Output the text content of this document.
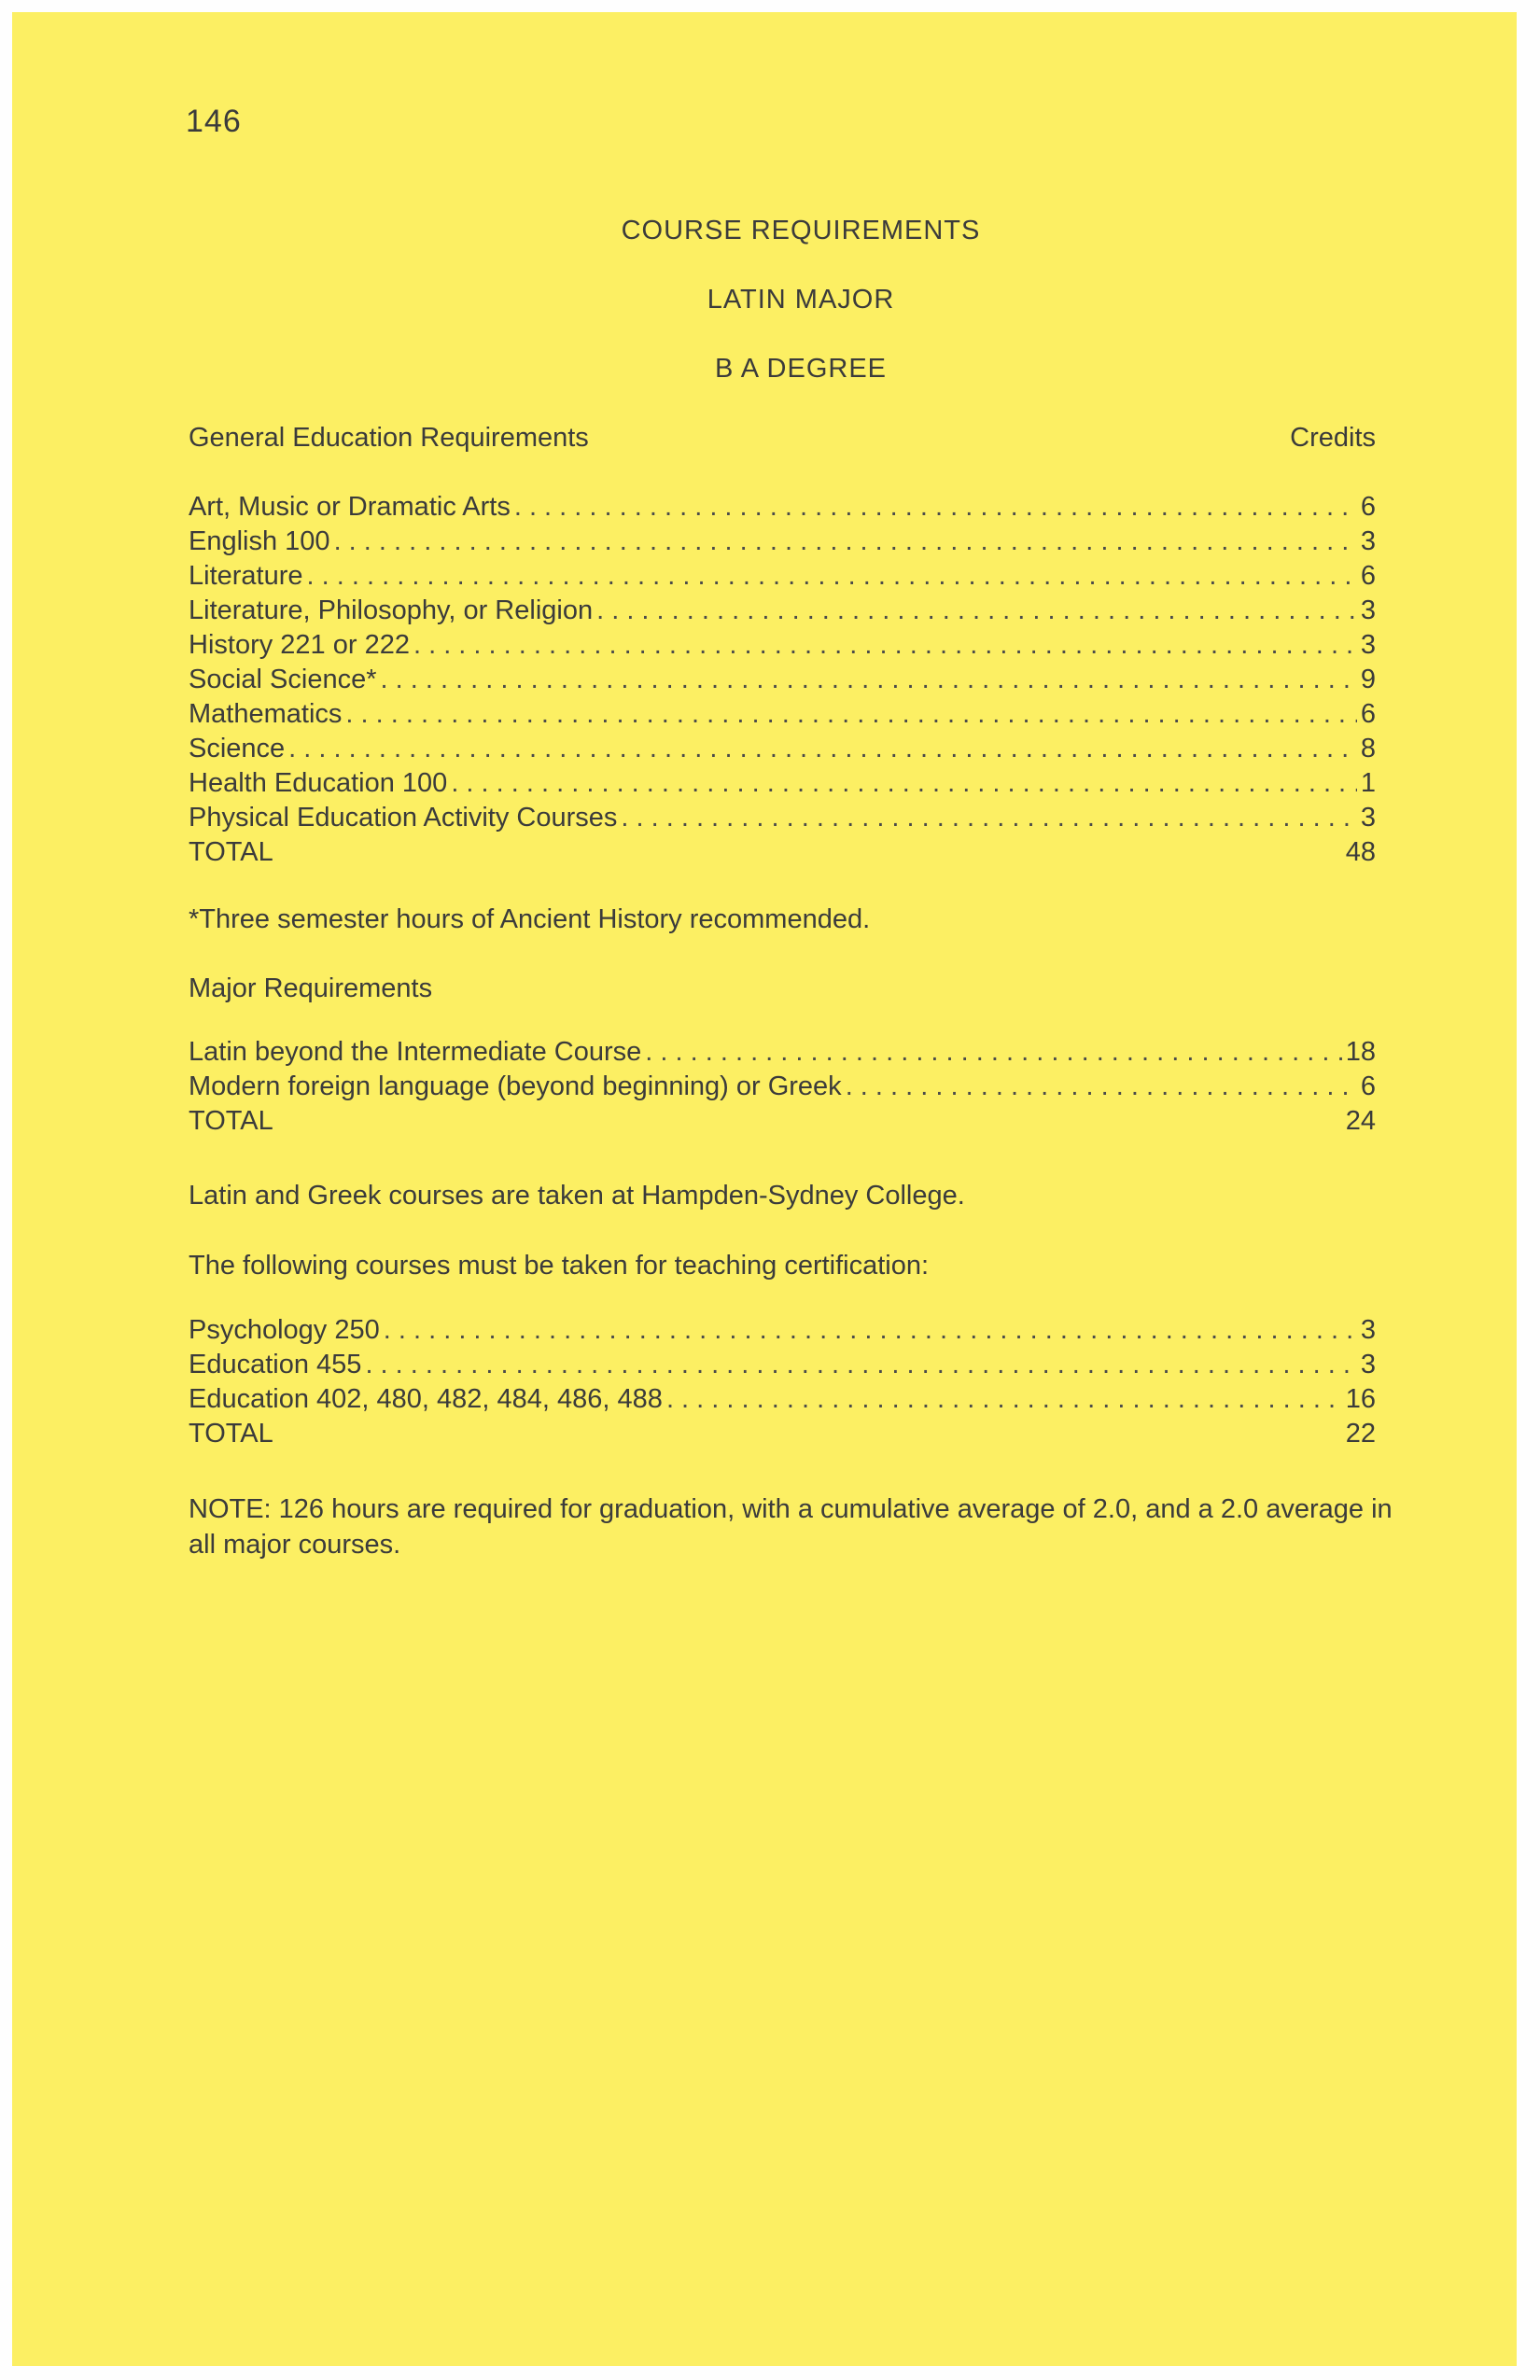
146
COURSE REQUIREMENTS
LATIN MAJOR
B A DEGREE
General Education Requirements	Credits
Art, Music or Dramatic Arts . . .	6
English 100 . . .	3
Literature . . .	6
Literature, Philosophy, or Religion . . .	3
History 221 or 222 . . .	3
Social Science* . . .	9
Mathematics . . .	6
Science . . .	8
Health Education 100 . . .	1
Physical Education Activity Courses . . .	3
TOTAL	48
*Three semester hours of Ancient History recommended.
Major Requirements
Latin beyond the Intermediate Course . . .	18
Modern foreign language (beyond beginning) or Greek . . .	6
TOTAL	24
Latin and Greek courses are taken at Hampden-Sydney College.
The following courses must be taken for teaching certification:
Psychology 250 . . .	3
Education 455 . . .	3
Education 402, 480, 482, 484, 486, 488 . . .	16
TOTAL	22
NOTE: 126 hours are required for graduation, with a cumulative average of 2.0, and a 2.0 average in all major courses.
